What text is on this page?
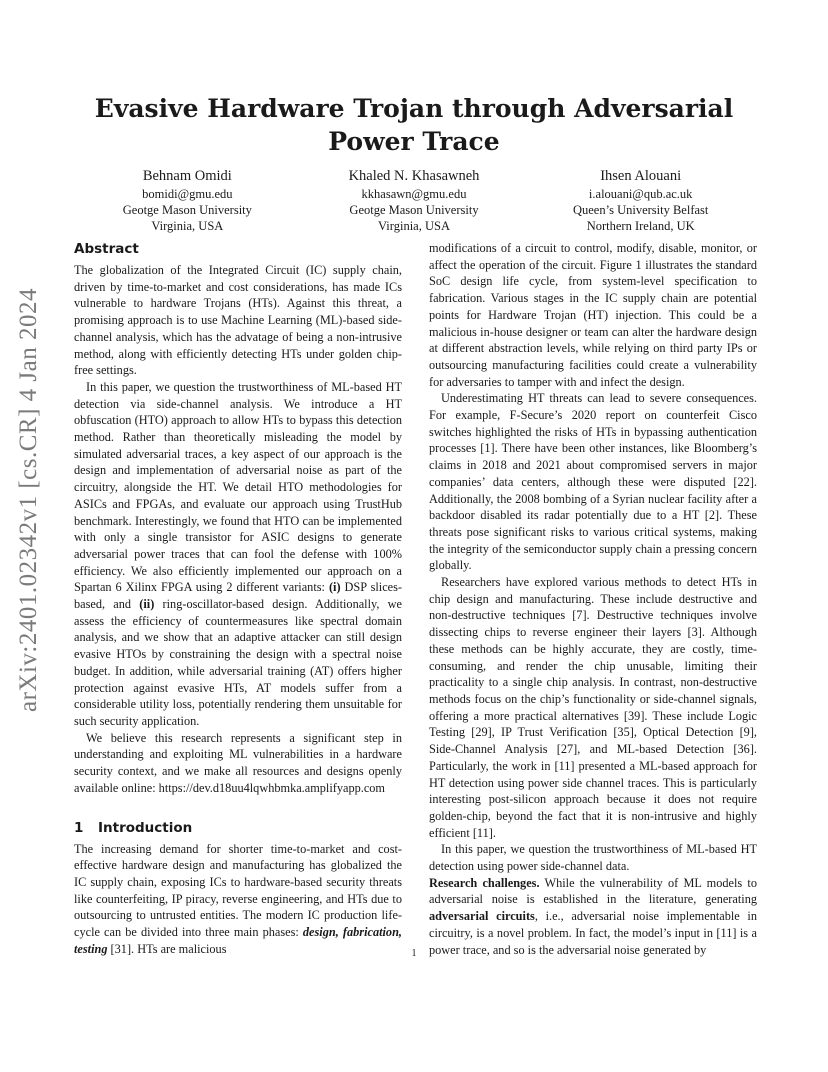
Evasive Hardware Trojan through Adversarial Power Trace
Behnam Omidi
bomidi@gmu.edu
Geotge Mason University
Virginia, USA
Khaled N. Khasawneh
kkhasawn@gmu.edu
Geotge Mason University
Virginia, USA
Ihsen Alouani
i.alouani@qub.ac.uk
Queen’s University Belfast
Northern Ireland, UK
arXiv:2401.02342v1 [cs.CR] 4 Jan 2024
Abstract

The globalization of the Integrated Circuit (IC) supply chain, driven by time-to-market and cost considerations, has made ICs vulnerable to hardware Trojans (HTs). Against this threat, a promising approach is to use Machine Learning (ML)-based side-channel analysis, which has the advatage of being a non-intrusive method, along with efficiently detecting HTs under golden chip-free settings.

In this paper, we question the trustworthiness of ML-based HT detection via side-channel analysis. We introduce a HT obfuscation (HTO) approach to allow HTs to bypass this detection method. Rather than theoretically misleading the model by simulated adversarial traces, a key aspect of our approach is the design and implementation of adversarial noise as part of the circuitry, alongside the HT. We detail HTO methodologies for ASICs and FPGAs, and evaluate our approach using TrustHub benchmark. Interestingly, we found that HTO can be implemented with only a single transistor for ASIC designs to generate adversarial power traces that can fool the defense with 100% efficiency. We also efficiently implemented our approach on a Spartan 6 Xilinx FPGA using 2 different variants: (i) DSP slices-based, and (ii) ring-oscillator-based design. Additionally, we assess the efficiency of countermeasures like spectral domain analysis, and we show that an adaptive attacker can still design evasive HTOs by constraining the design with a spectral noise budget. In addition, while adversarial training (AT) offers higher protection against evasive HTs, AT models suffer from a considerable utility loss, potentially rendering them unsuitable for such security application.

We believe this research represents a significant step in understanding and exploiting ML vulnerabilities in a hardware security context, and we make all resources and designs openly available online: https://dev.d18uu4lqwhbmka.amplifyapp.com

1 Introduction

The increasing demand for shorter time-to-market and cost-effective hardware design and manufacturing has globalized the IC supply chain, exposing ICs to hardware-based security threats like counterfeiting, IP piracy, reverse engineering, and HTs due to outsourcing to untrusted entities. The modern IC production life-cycle can be divided into three main phases: design, fabrication, testing [31]. HTs are malicious

modifications of a circuit to control, modify, disable, monitor, or affect the operation of the circuit. Figure 1 illustrates the standard SoC design life cycle, from system-level specification to fabrication. Various stages in the IC supply chain are potential points for Hardware Trojan (HT) injection. This could be a malicious in-house designer or team can alter the hardware design at different abstraction levels, while relying on third party IPs or outsourcing manufacturing facilities could create a vulnerability for adversaries to tamper with and infect the design.

Underestimating HT threats can lead to severe consequences. For example, F-Secure’s 2020 report on counterfeit Cisco switches highlighted the risks of HTs in bypassing authentication processes [1]. There have been other instances, like Bloomberg’s claims in 2018 and 2021 about compromised servers in major companies’ data centers, although these were disputed [22]. Additionally, the 2008 bombing of a Syrian nuclear facility after a backdoor disabled its radar potentially due to a HT [2]. These threats pose significant risks to various critical systems, making the integrity of the semiconductor supply chain a pressing concern globally.

Researchers have explored various methods to detect HTs in chip design and manufacturing. These include destructive and non-destructive techniques [7]. Destructive techniques involve dissecting chips to reverse engineer their layers [3]. Although these methods can be highly accurate, they are costly, time-consuming, and render the chip unusable, limiting their practicality to a single chip analysis. In contrast, non-destructive methods focus on the chip’s functionality or side-channel signals, offering a more practical alternatives [39]. These include Logic Testing [29], IP Trust Verification [35], Optical Detection [9], Side-Channel Analysis [27], and ML-based Detection [36]. Particularly, the work in [11] presented a ML-based approach for HT detection using power side channel traces. This is particularly interesting post-silicon approach because it does not require golden-chip, beyond the fact that it is non-intrusive and highly efficient [11].

In this paper, we question the trustworthiness of ML-based HT detection using power side-channel data.

Research challenges. While the vulnerability of ML models to adversarial noise is established in the literature, generating adversarial circuits, i.e., adversarial noise implementable in circuitry, is a novel problem. In fact, the model’s input in [11] is a power trace, and so is the adversarial noise generated by

1
